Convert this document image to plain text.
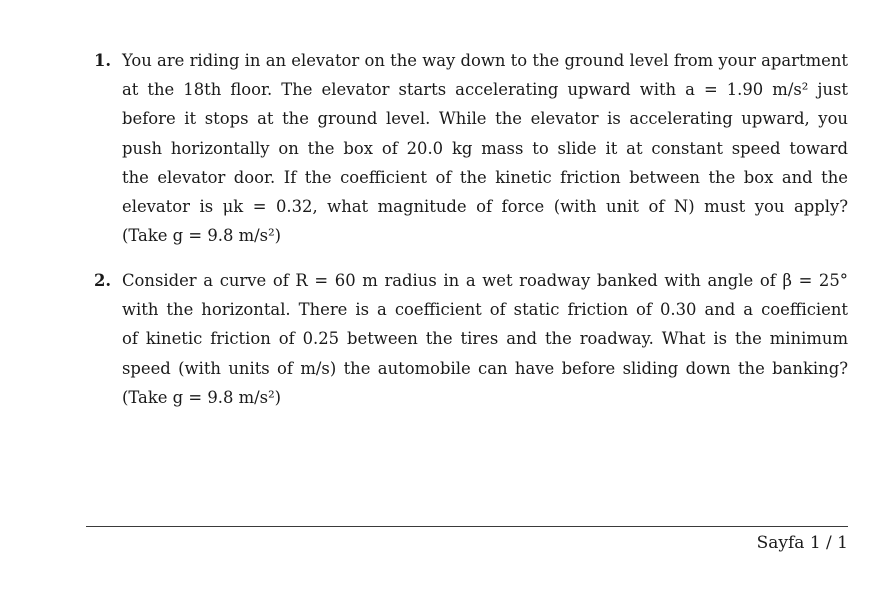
1. You are riding in an elevator on the way down to the ground level from your apartment
at the 18th floor. The elevator starts accelerating upward with a = 1.90 m/s² just
before it stops at the ground level. While the elevator is accelerating upward, you
push horizontally on the box of 20.0 kg mass to slide it at constant speed toward
the elevator door. If the coefficient of the kinetic friction between the box and the
elevator is μk = 0.32, what magnitude of force (with unit of N) must you apply?
(Take g = 9.8 m/s²)
2. Consider a curve of R = 60 m radius in a wet roadway banked with angle of β = 25°
with the horizontal. There is a coefficient of static friction of 0.30 and a coefficient
of kinetic friction of 0.25 between the tires and the roadway. What is the minimum
speed (with units of m/s) the automobile can have before sliding down the banking?
(Take g = 9.8 m/s²)
Sayfa 1 / 1
